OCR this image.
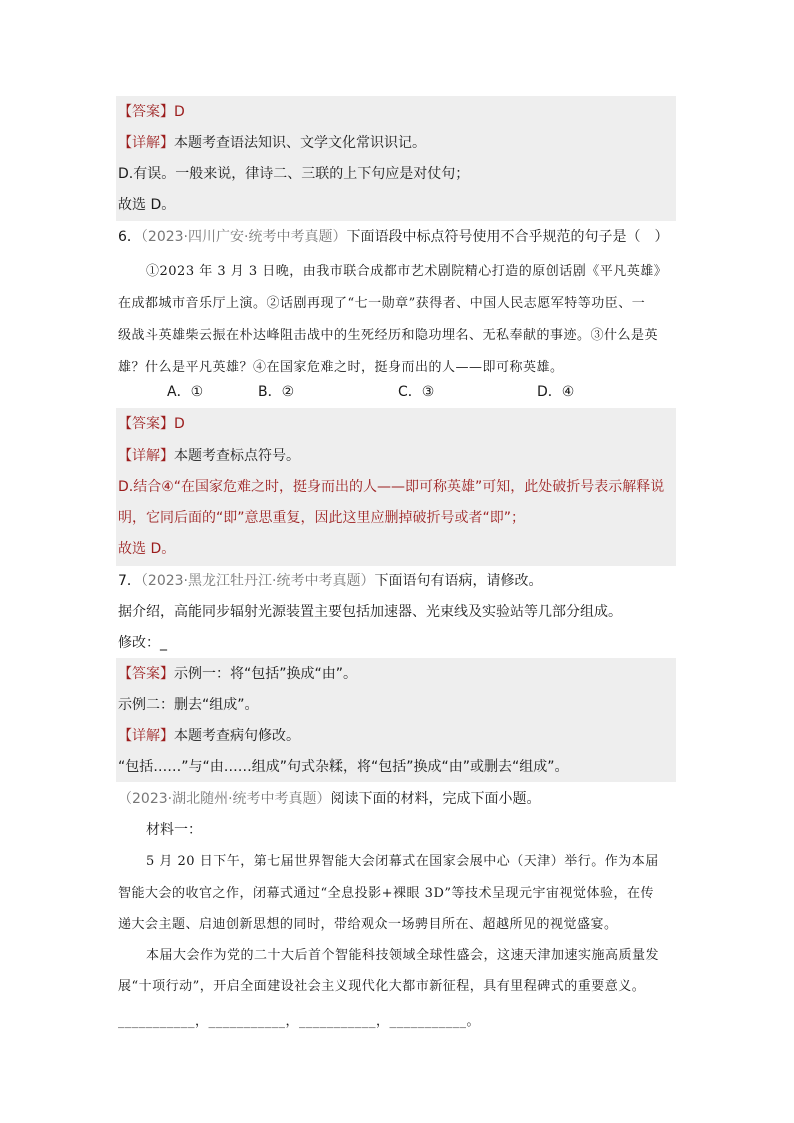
【答案】D
【详解】本题考查语法知识、文学文化常识识记。
D.有误。一般来说，律诗二、三联的上下句应是对仗句；
故选 D。
6．（2023·四川广安·统考中考真题）下面语段中标点符号使用不合乎规范的句子是（　）
①2023 年 3 月 3 日晚，由我市联合成都市艺术剧院精心打造的原创话剧《平凡英雄》
在成都城市音乐厅上演。②话剧再现了“七一勋章”获得者、中国人民志愿军特等功臣、一
级战斗英雄柴云振在朴达峰阻击战中的生死经历和隐功埋名、无私奉献的事迹。③什么是英
雄？什么是平凡英雄？④在国家危难之时，挺身而出的人——即可称英雄。
A．①	B．②	C．③	D．④
【答案】D
【详解】本题考查标点符号。
D.结合④“在国家危难之时，挺身而出的人——即可称英雄”可知，此处破折号表示解释说
明，它同后面的“即”意思重复，因此这里应删掉破折号或者“即”；
故选 D。
7．（2023·黑龙江牡丹江·统考中考真题）下面语句有语病，请修改。
据介绍，高能同步辐射光源装置主要包括加速器、光束线及实验站等几部分组成。
修改：_
【答案】示例一：将“包括”换成“由”。
示例二：删去“组成”。
【详解】本题考查病句修改。
“包括……”与“由……组成”句式杂糅，将“包括”换成“由”或删去“组成”。
（2023·湖北随州·统考中考真题）阅读下面的材料，完成下面小题。
材料一：
5 月 20 日下午，第七届世界智能大会闭幕式在国家会展中心（天津）举行。作为本届
智能大会的收官之作，闭幕式通过“全息投影+裸眼 3D”等技术呈现元宇宙视觉体验，在传
递大会主题、启迪创新思想的同时，带给观众一场骋目所在、超越所见的视觉盛宴。
本届大会作为党的二十大后首个智能科技领域全球性盛会，这速天津加速实施高质量发
展“十项行动”，开启全面建设社会主义现代化大都市新征程，具有里程碑式的重要意义。
___________，___________，___________，___________。
